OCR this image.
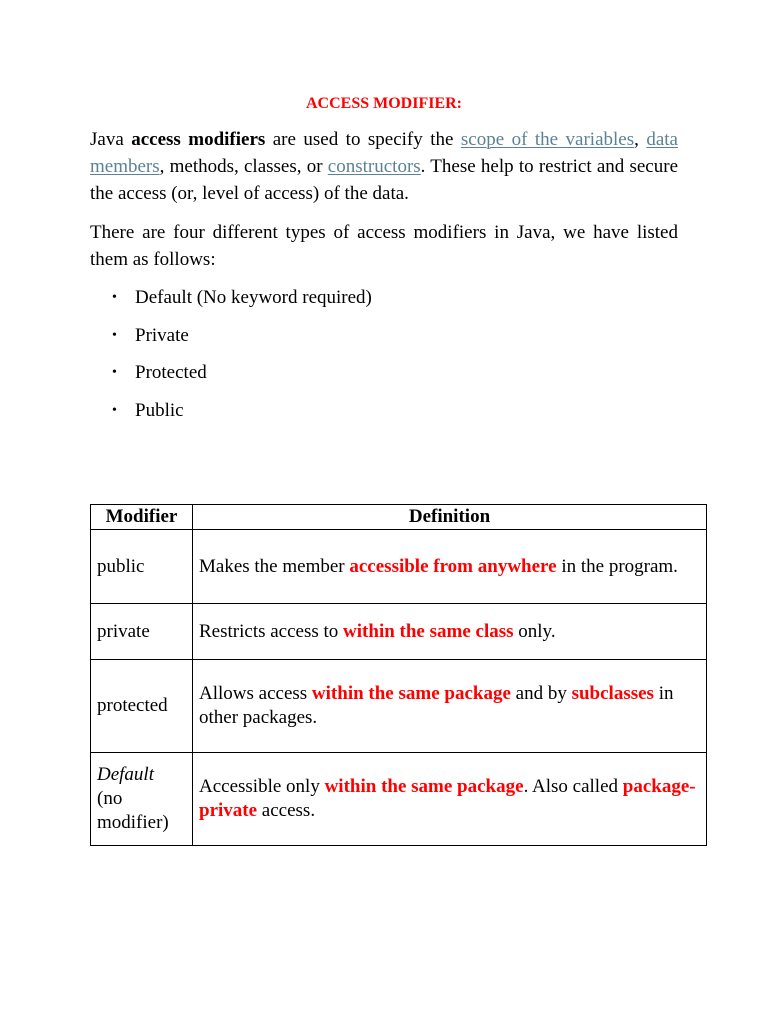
ACCESS MODIFIER:

Java access modifiers are used to specify the scope of the variables, data members, methods, classes, or constructors. These help to restrict and secure the access (or, level of access) of the data.

There are four different types of access modifiers in Java, we have listed them as follows:

• Default (No keyword required)
• Private
• Protected
• Public
Modifier	Definition
public	Makes the member accessible from anywhere in the program.
private	Restricts access to within the same class only.
protected	Allows access within the same package and by subclasses in other packages.
Default
(no modifier)	Accessible only within the same package. Also called package-private access.
